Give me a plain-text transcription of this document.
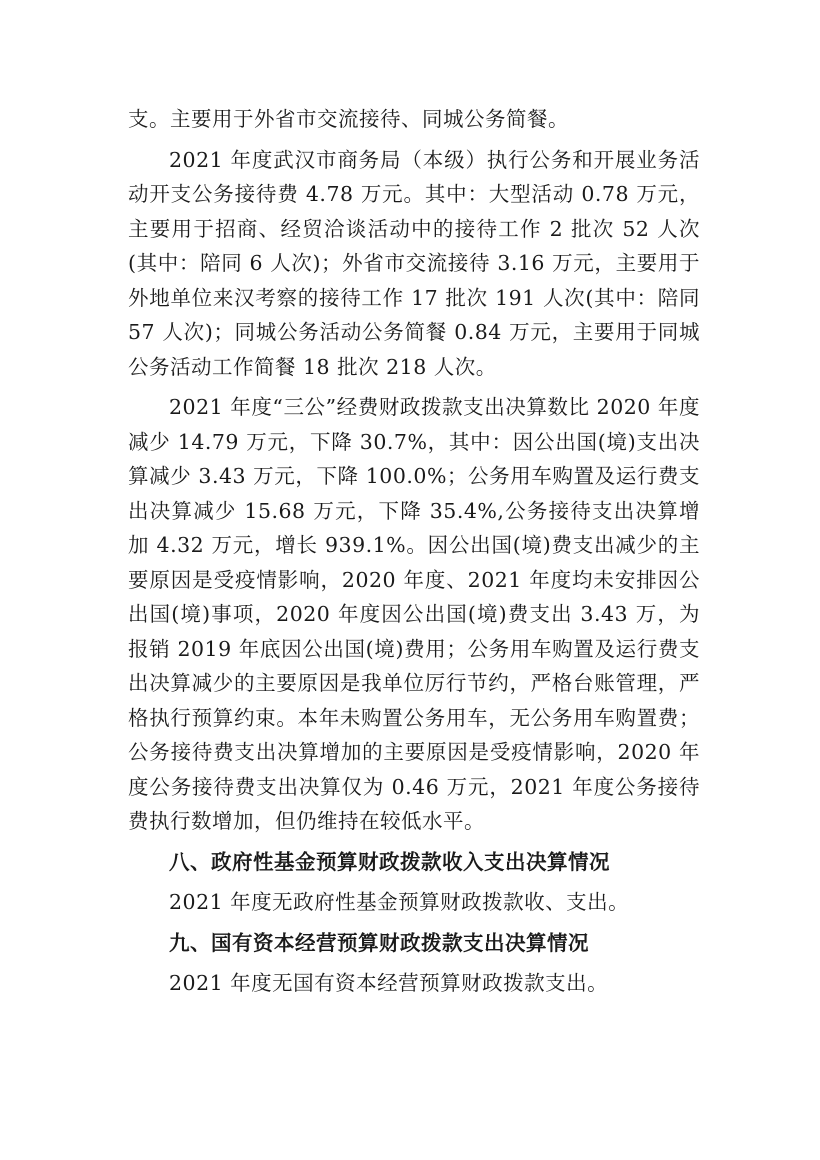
支。主要用于外省市交流接待、同城公务简餐。

2021 年度武汉市商务局（本级）执行公务和开展业务活动开支公务接待费 4.78 万元。其中：大型活动 0.78 万元，主要用于招商、经贸洽谈活动中的接待工作 2 批次 52 人次(其中：陪同 6 人次)；外省市交流接待 3.16 万元，主要用于外地单位来汉考察的接待工作 17 批次 191 人次(其中：陪同 57 人次)；同城公务活动公务简餐 0.84 万元，主要用于同城公务活动工作简餐 18 批次 218 人次。

2021 年度“三公”经费财政拨款支出决算数比 2020 年度减少 14.79 万元，下降 30.7%，其中：因公出国(境)支出决算减少 3.43 万元，下降 100.0%；公务用车购置及运行费支出决算减少 15.68 万元，下降 35.4%,公务接待支出决算增加 4.32 万元，增长 939.1%。因公出国(境)费支出减少的主要原因是受疫情影响，2020 年度、2021 年度均未安排因公出国(境)事项，2020 年度因公出国(境)费支出 3.43 万，为报销 2019 年底因公出国(境)费用；公务用车购置及运行费支出决算减少的主要原因是我单位厉行节约，严格台账管理，严格执行预算约束。本年未购置公务用车，无公务用车购置费；公务接待费支出决算增加的主要原因是受疫情影响，2020 年度公务接待费支出决算仅为 0.46 万元，2021 年度公务接待费执行数增加，但仍维持在较低水平。

八、政府性基金预算财政拨款收入支出决算情况

2021 年度无政府性基金预算财政拨款收、支出。

九、国有资本经营预算财政拨款支出决算情况

2021 年度无国有资本经营预算财政拨款支出。
